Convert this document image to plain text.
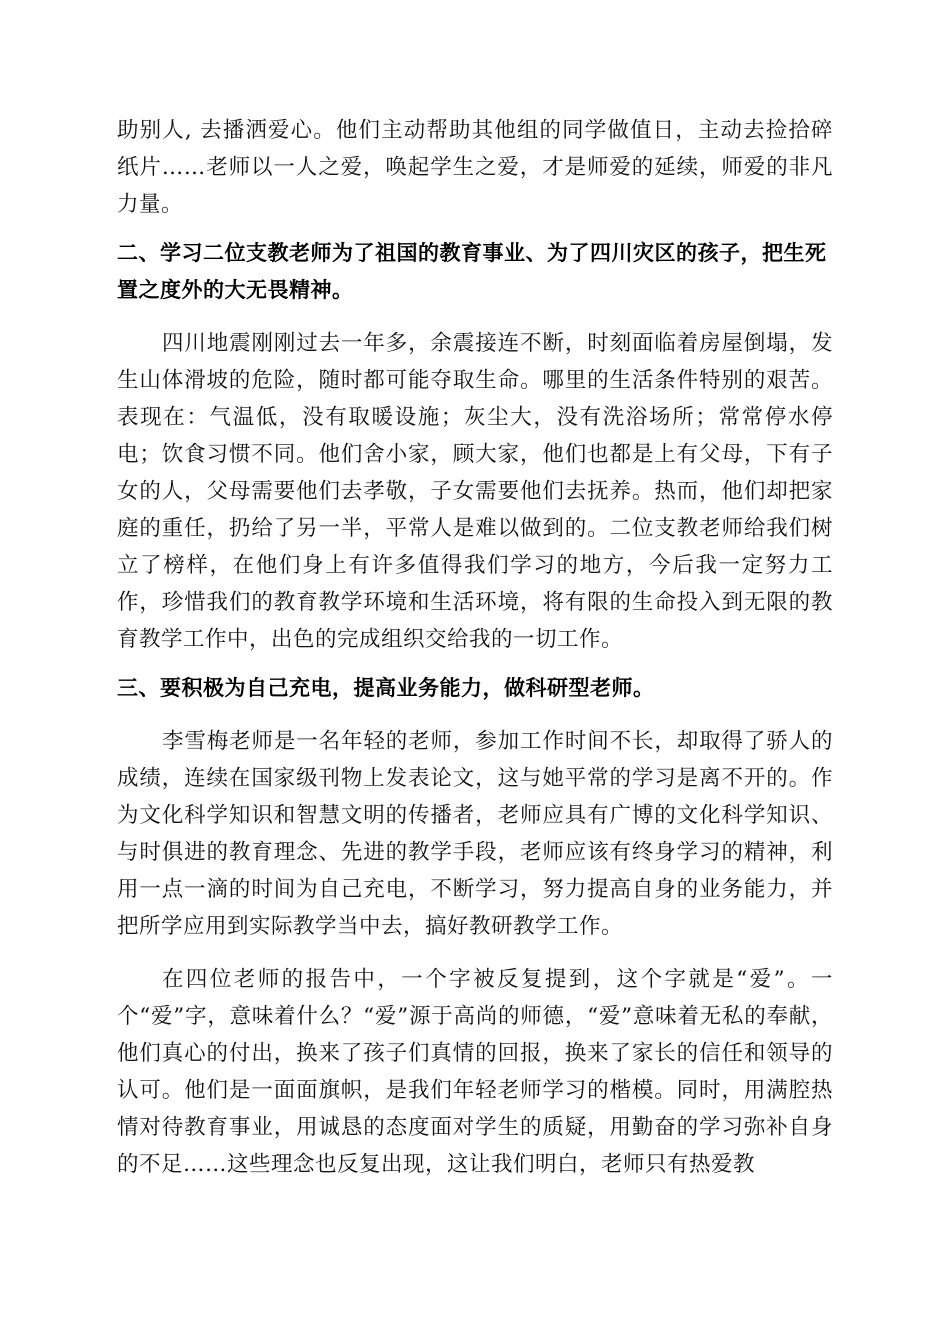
助别人, 去播洒爱心。他们主动帮助其他组的同学做值日，主动去捡拾碎纸片……老师以一人之爱，唤起学生之爱，才是师爱的延续，师爱的非凡力量。

二、学习二位支教老师为了祖国的教育事业、为了四川灾区的孩子，把生死置之度外的大无畏精神。

四川地震刚刚过去一年多，余震接连不断，时刻面临着房屋倒塌，发生山体滑坡的危险，随时都可能夺取生命。哪里的生活条件特别的艰苦。表现在：气温低，没有取暖设施；灰尘大，没有洗浴场所；常常停水停电；饮食习惯不同。他们舍小家，顾大家，他们也都是上有父母，下有子女的人，父母需要他们去孝敬，子女需要他们去抚养。热而，他们却把家庭的重任，扔给了另一半，平常人是难以做到的。二位支教老师给我们树立了榜样，在他们身上有许多值得我们学习的地方，今后我一定努力工作，珍惜我们的教育教学环境和生活环境，将有限的生命投入到无限的教育教学工作中，出色的完成组织交给我的一切工作。

三、要积极为自己充电，提高业务能力，做科研型老师。

李雪梅老师是一名年轻的老师，参加工作时间不长，却取得了骄人的成绩，连续在国家级刊物上发表论文，这与她平常的学习是离不开的。作为文化科学知识和智慧文明的传播者，老师应具有广博的文化科学知识、与时俱进的教育理念、先进的教学手段，老师应该有终身学习的精神，利用一点一滴的时间为自己充电，不断学习，努力提高自身的业务能力，并把所学应用到实际教学当中去，搞好教研教学工作。

在四位老师的报告中，一个字被反复提到，这个字就是“爱”。一个“爱”字，意味着什么？“爱”源于高尚的师德，“爱”意味着无私的奉献，他们真心的付出，换来了孩子们真情的回报，换来了家长的信任和领导的认可。他们是一面面旗帜，是我们年轻老师学习的楷模。同时，用满腔热情对待教育事业，用诚恳的态度面对学生的质疑，用勤奋的学习弥补自身的不足……这些理念也反复出现，这让我们明白，老师只有热爱教
